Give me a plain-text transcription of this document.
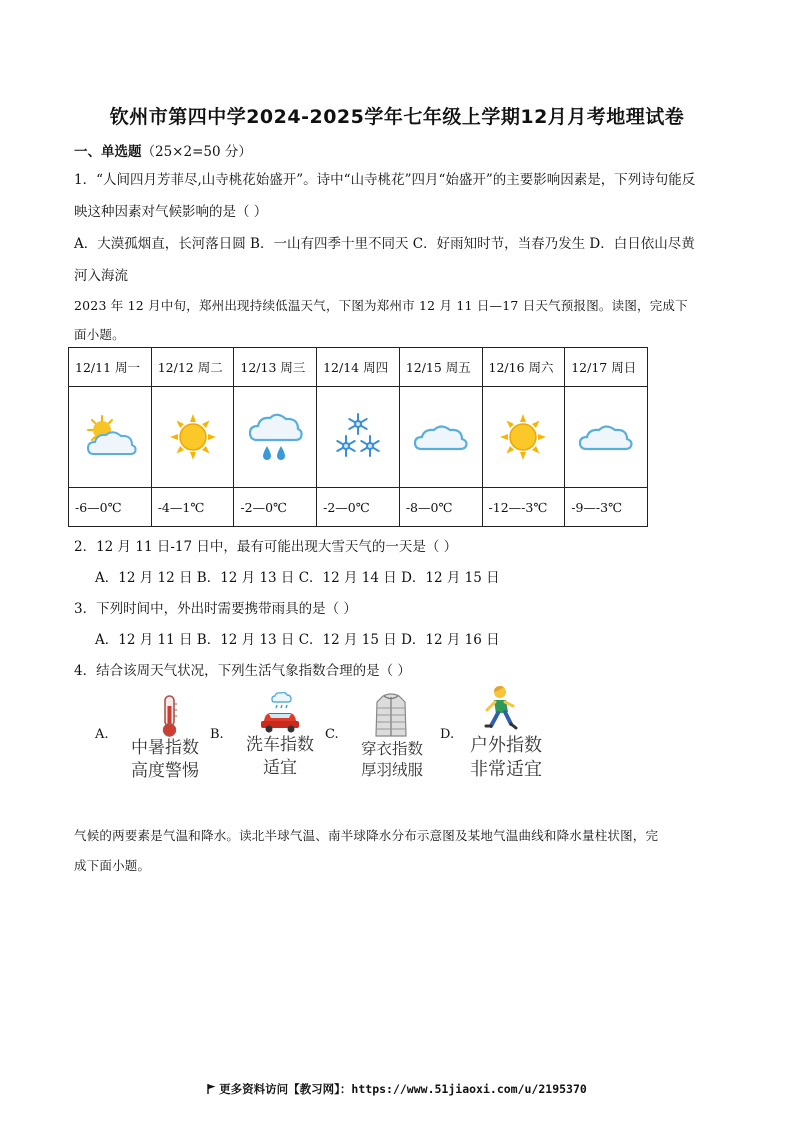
钦州市第四中学2024-2025学年七年级上学期12月月考地理试卷
一、单选题（25×2=50 分）
1．“人间四月芳菲尽,山寺桃花始盛开”。诗中“山寺桃花”四月“始盛开”的主要影响因素是，下列诗句能反
映这种因素对气候影响的是（ ）
A．大漠孤烟直，长河落日圆 B．一山有四季十里不同天 C．好雨知时节，当春乃发生 D．白日依山尽黄
河入海流
2023 年 12 月中旬，郑州出现持续低温天气，下图为郑州市 12 月 11 日—17 日天气预报图。读图，完成下
面小题。
12/11 周一	12/12 周二	12/13 周三	12/14 周四	12/15 周五	12/16 周六	12/17 周日

-6—0℃	-4—1℃	-2—0℃	-2—0℃	-8—0℃	-12—-3℃	-9—-3℃
2．12 月 11 日-17 日中，最有可能出现大雪天气的一天是（ ）
A．12 月 12 日 B．12 月 13 日 C．12 月 14 日 D．12 月 15 日
3．下列时间中，外出时需要携带雨具的是（ ）
A．12 月 11 日 B．12 月 13 日 C．12 月 15 日 D．12 月 16 日
4．结合该周天气状况，下列生活气象指数合理的是（ ）
A.
中暑指数
高度警惕
B.
洗车指数
适宜
C.
穿衣指数
厚羽绒服
D.
户外指数
非常适宜
气候的两要素是气温和降水。读北半球气温、南半球降水分布示意图及某地气温曲线和降水量柱状图，完
成下面小题。
更多资料访问【教习网】：https://www.51jiaoxi.com/u/2195370
